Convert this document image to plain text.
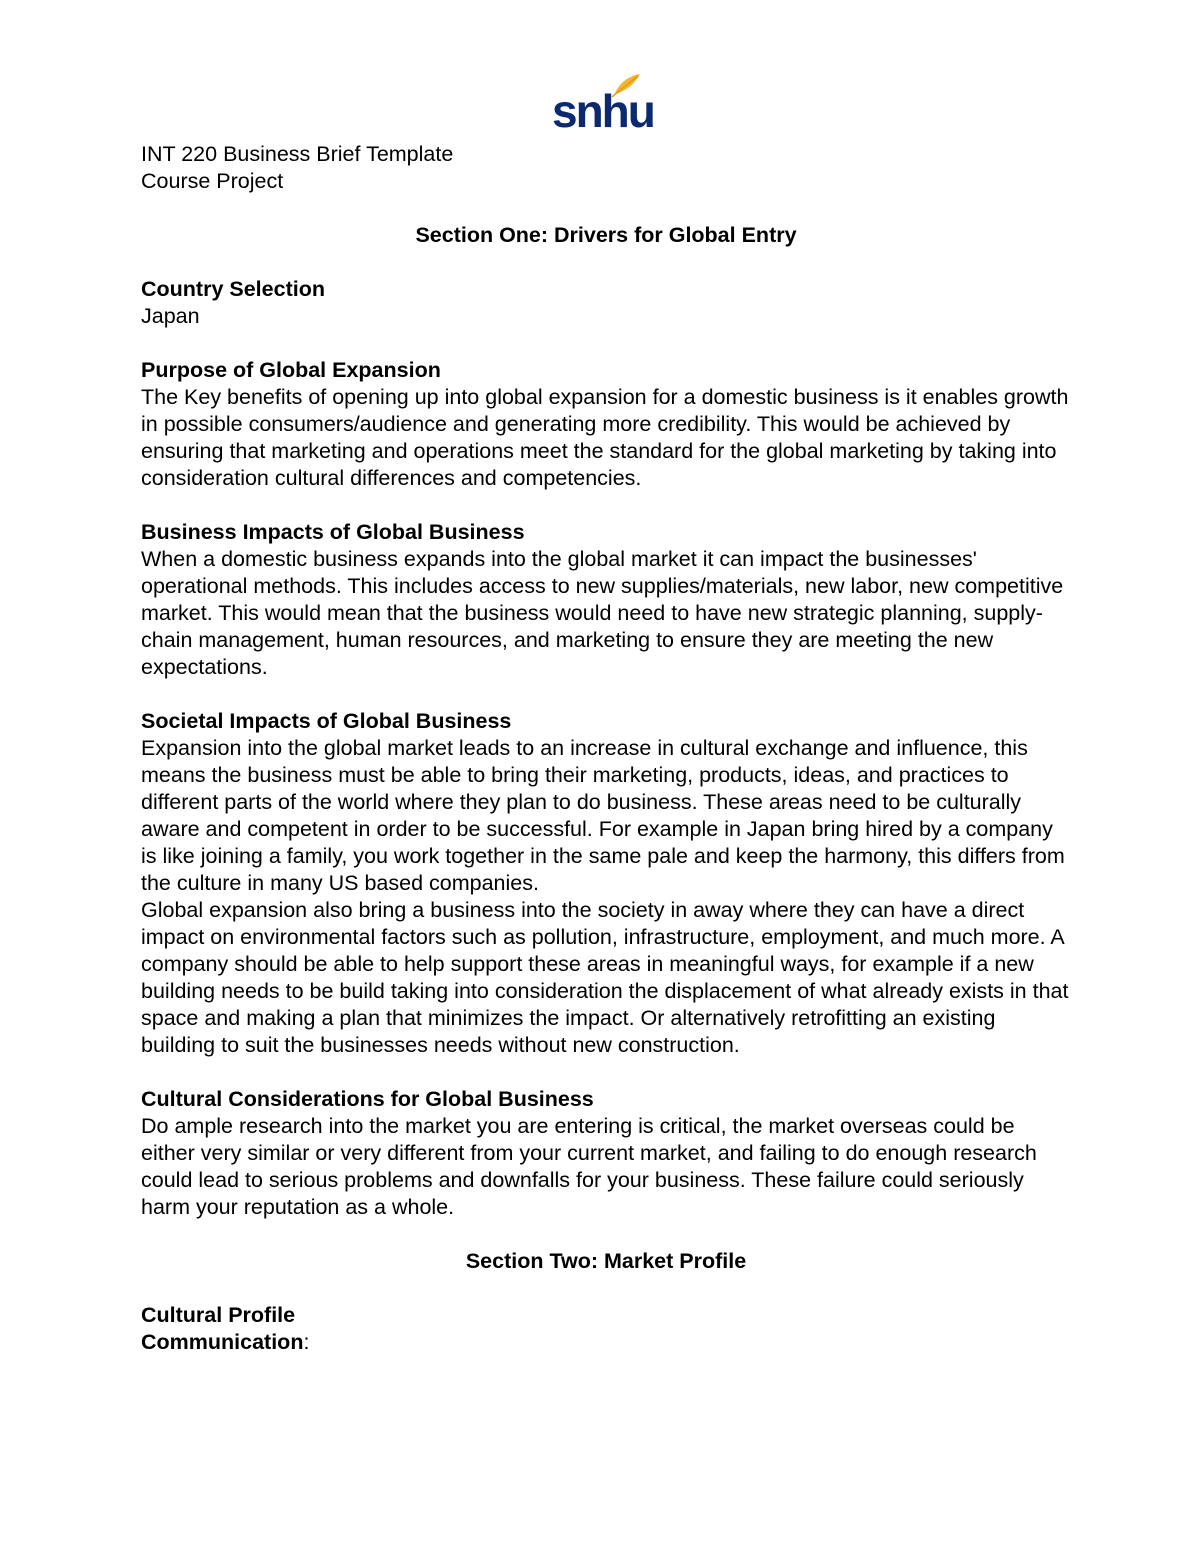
snhu

INT 220 Business Brief Template

Course Project

Section One: Drivers for Global Entry

Country Selection

Japan

Purpose of Global Expansion

The Key benefits of opening up into global expansion for a domestic business is it enables growth in possible consumers/audience and generating more credibility. This would be achieved by ensuring that marketing and operations meet the standard for the global marketing by taking into consideration cultural differences and competencies.

Business Impacts of Global Business

When a domestic business expands into the global market it can impact the businesses' operational methods. This includes access to new supplies/materials, new labor, new competitive market. This would mean that the business would need to have new strategic planning, supply-chain management, human resources, and marketing to ensure they are meeting the new expectations.

Societal Impacts of Global Business

Expansion into the global market leads to an increase in cultural exchange and influence, this means the business must be able to bring their marketing, products, ideas, and practices to different parts of the world where they plan to do business. These areas need to be culturally aware and competent in order to be successful. For example in Japan bring hired by a company is like joining a family, you work together in the same pale and keep the harmony, this differs from the culture in many US based companies.

Global expansion also bring a business into the society in away where they can have a direct impact on environmental factors such as pollution, infrastructure, employment, and much more. A company should be able to help support these areas in meaningful ways, for example if a new building needs to be build taking into consideration the displacement of what already exists in that space and making a plan that minimizes the impact. Or alternatively retrofitting an existing building to suit the businesses needs without new construction.

Cultural Considerations for Global Business

Do ample research into the market you are entering is critical, the market overseas could be either very similar or very different from your current market, and failing to do enough research could lead to serious problems and downfalls for your business. These failure could seriously harm your reputation as a whole.

Section Two: Market Profile

Cultural Profile

Communication:
